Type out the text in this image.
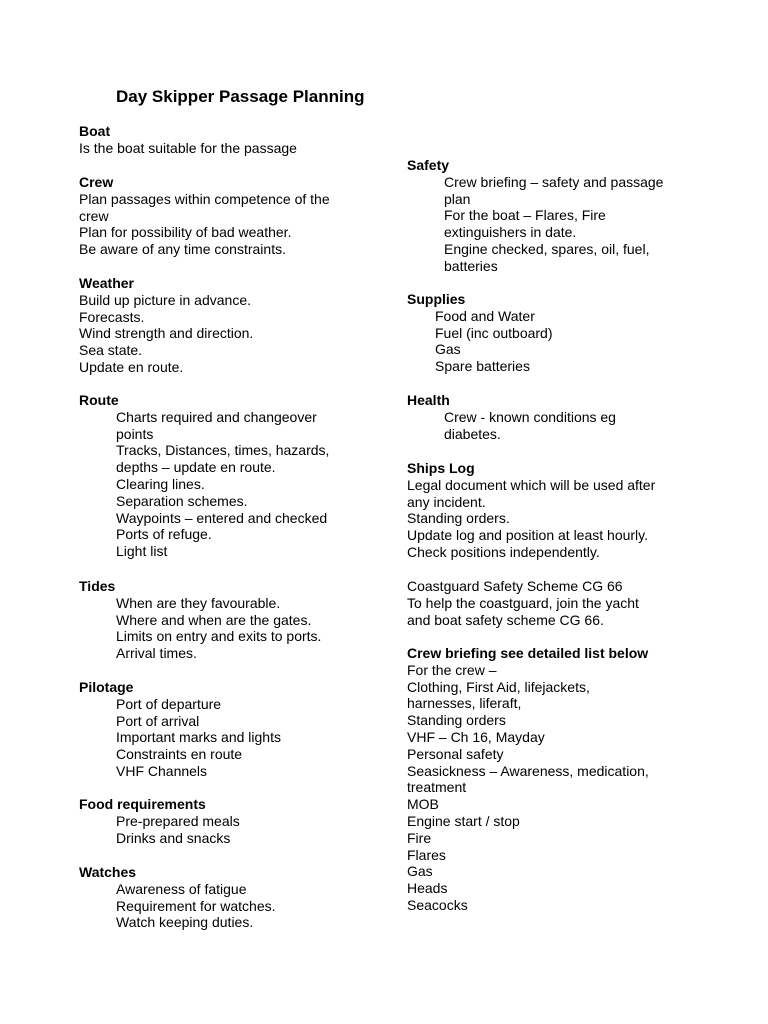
Day Skipper Passage Planning
Boat
Is the boat suitable for the passage
Crew
Plan passages within competence of the
crew
Plan for possibility of bad weather.
Be aware of any time constraints.
Weather
Build up picture in advance.
Forecasts.
Wind strength and direction.
Sea state.
Update en route.
Route
Charts required and changeover
points
Tracks, Distances, times, hazards,
depths – update en route.
Clearing lines.
Separation schemes.
Waypoints – entered and checked
Ports of refuge.
Light list
Tides
When are they favourable.
Where and when are the gates.
Limits on entry and exits to ports.
Arrival times.
Pilotage
Port of departure
Port of arrival
Important marks and lights
Constraints en route
VHF Channels
Food requirements
Pre-prepared meals
Drinks and snacks
Watches
Awareness of fatigue
Requirement for watches.
Watch keeping duties.
Safety
Crew briefing – safety and passage
plan
For the boat – Flares, Fire
extinguishers in date.
Engine checked, spares, oil, fuel,
batteries
Supplies
Food and Water
Fuel (inc outboard)
Gas
Spare batteries
Health
Crew - known conditions eg
diabetes.
Ships Log
Legal document which will be used after
any incident.
Standing orders.
Update log and position at least hourly.
Check positions independently.
Coastguard Safety Scheme CG 66
To help the coastguard, join the yacht
and boat safety scheme CG 66.
Crew briefing see detailed list below
For the crew –
Clothing, First Aid, lifejackets,
harnesses, liferaft,
Standing orders
VHF – Ch 16, Mayday
Personal safety
Seasickness – Awareness, medication,
treatment
MOB
Engine start / stop
Fire
Flares
Gas
Heads
Seacocks
